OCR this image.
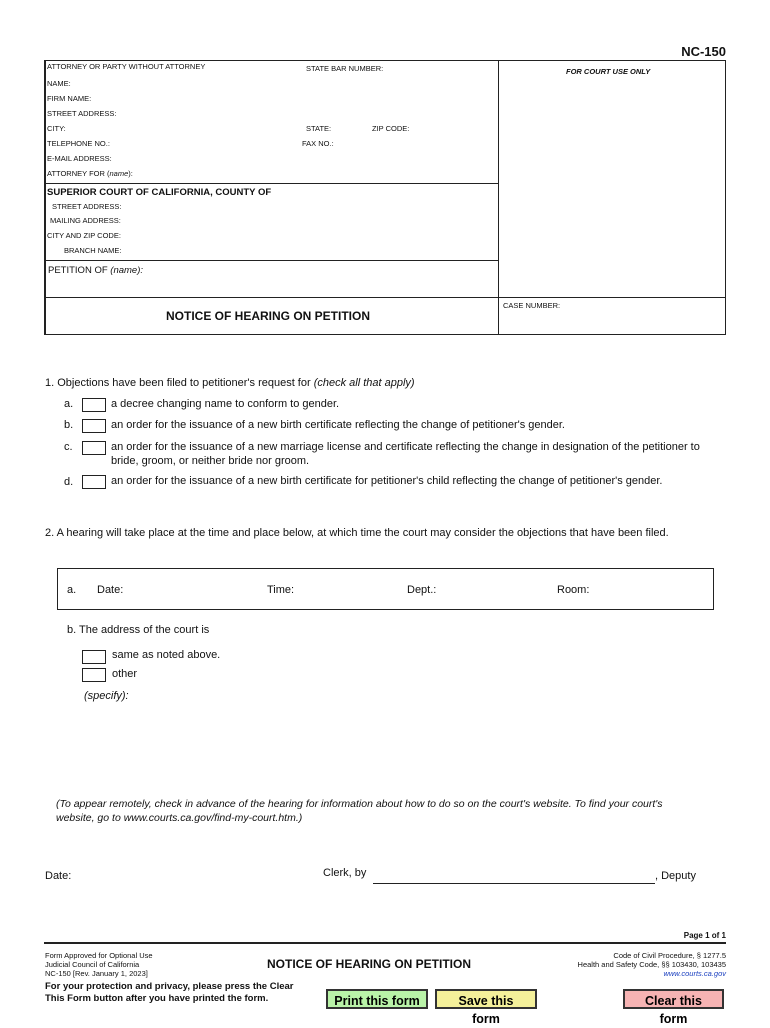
NC-150
ATTORNEY OR PARTY WITHOUT ATTORNEY	STATE BAR NUMBER:	FOR COURT USE ONLY
NAME:
FIRM NAME:
STREET ADDRESS:
CITY:	STATE:	ZIP CODE:
TELEPHONE NO.:	FAX NO.:
E-MAIL ADDRESS:
ATTORNEY FOR (name):
SUPERIOR COURT OF CALIFORNIA, COUNTY OF
STREET ADDRESS:
MAILING ADDRESS:
CITY AND ZIP CODE:
BRANCH NAME:
PETITION OF (name):
NOTICE OF HEARING ON PETITION
CASE NUMBER:
1. Objections have been filed to petitioner's request for (check all that apply)
a.	a decree changing name to conform to gender.
b.	an order for the issuance of a new birth certificate reflecting the change of petitioner's gender.
c.	an order for the issuance of a new marriage license and certificate reflecting the change in designation of the petitioner to
bride, groom, or neither bride nor groom.
d.	an order for the issuance of a new birth certificate for petitioner's child reflecting the change of petitioner's gender.
2. A hearing will take place at the time and place below, at which time the court may consider the objections that have been filed.
a. Date:	Time:	Dept.:	Room:
b. The address of the court is
same as noted above.
other
(specify):
(To appear remotely, check in advance of the hearing for information about how to do so on the court's website. To find your court's
website, go to www.courts.ca.gov/find-my-court.htm.)
Date:	Clerk, by	, Deputy
Page 1 of 1
Form Approved for Optional Use
Judicial Council of California
NC-150 [Rev. January 1, 2023]
NOTICE OF HEARING ON PETITION
Code of Civil Procedure, § 1277.5
Health and Safety Code, §§ 103430, 103435
www.courts.ca.gov
For your protection and privacy, please press the Clear
This Form button after you have printed the form.	Print this form	Save this form
Clear this form
